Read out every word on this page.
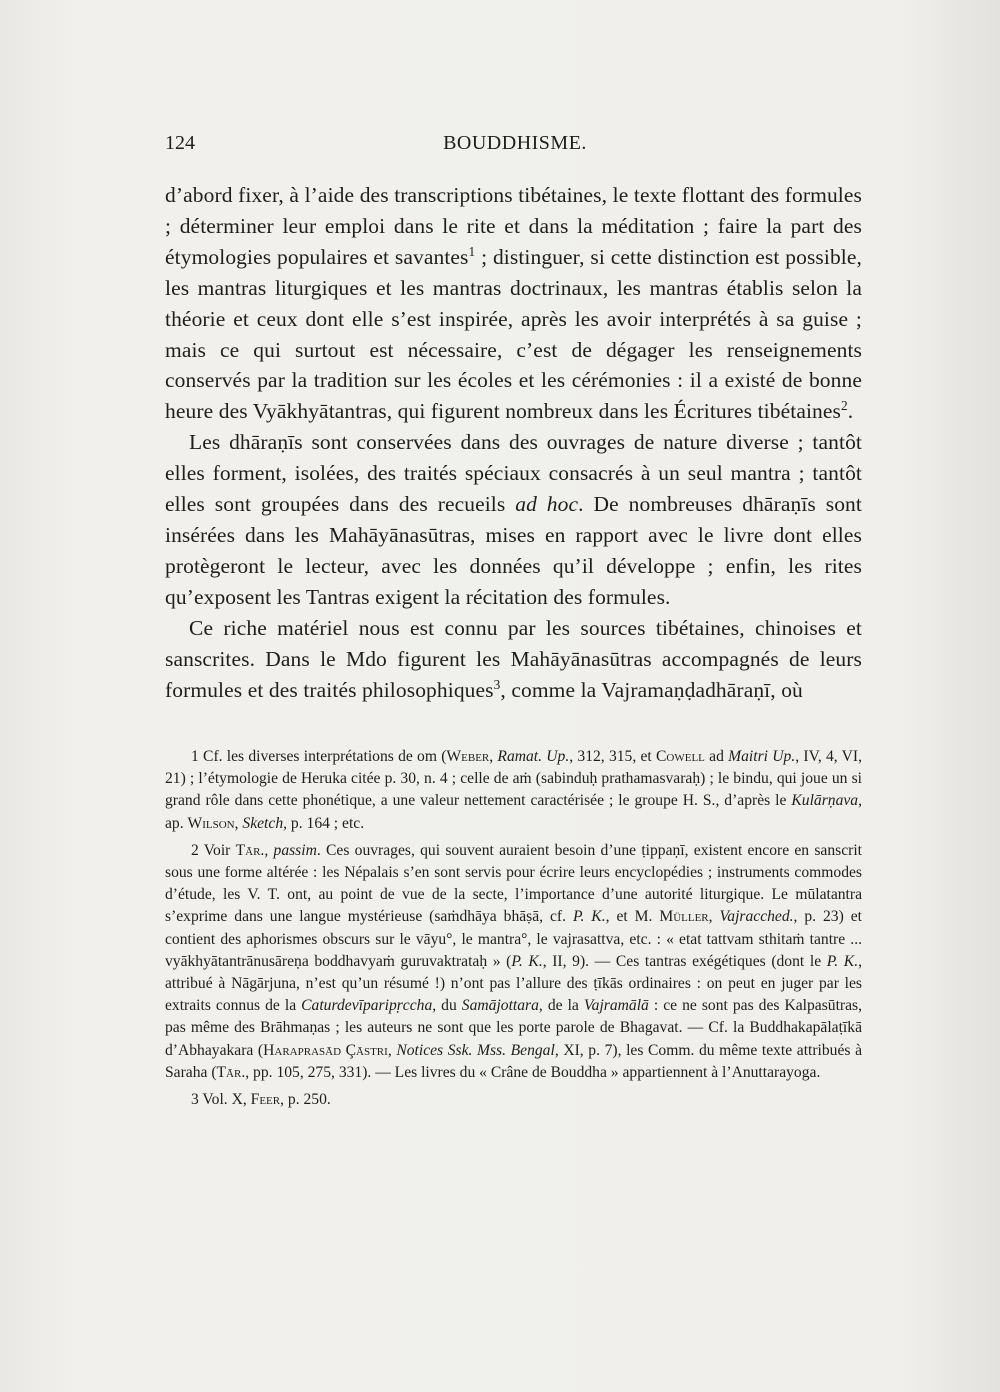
124	BOUDDHISME.

d’abord fixer, à l’aide des transcriptions tibétaines, le texte flottant des formules ; déterminer leur emploi dans le rite et dans la méditation ; faire la part des étymologies populaires et savantes$^1$ ; distinguer, si cette distinction est possible, les mantras liturgiques et les mantras doctrinaux, les mantras établis selon la théorie et ceux dont elle s’est inspirée, après les avoir interprétés à sa guise ; mais ce qui surtout est nécessaire, c’est de dégager les renseignements conservés par la tradition sur les écoles et les cérémonies : il a existé de bonne heure des Vyākhyātantras, qui figurent nombreux dans les Écritures tibétaines$^2$.

Les dhāraṇīs sont conservées dans des ouvrages de nature diverse ; tantôt elles forment, isolées, des traités spéciaux consacrés à un seul mantra ; tantôt elles sont groupées dans des recueils ad hoc. De nombreuses dhāraṇīs sont insérées dans les Mahāyānasūtras, mises en rapport avec le livre dont elles protègeront le lecteur, avec les données qu’il développe ; enfin, les rites qu’exposent les Tantras exigent la récitation des formules.

Ce riche matériel nous est connu par les sources tibétaines, chinoises et sanscrites. Dans le Mdo figurent les Mahāyānasūtras accompagnés de leurs formules et des traités philosophiques$^3$, comme la Vajramaṇḍadhāraṇī, où

1 Cf. les diverses interprétations de om (Weber, Ramat. Up., 312, 315, et Cowell ad Maitri Up., IV, 4, VI, 21) ; l’étymologie de Heruka citée p. 30, n. 4 ; celle de aṁ (sabinduḥ prathamasvaraḥ) ; le bindu, qui joue un si grand rôle dans cette phonétique, a une valeur nettement caractérisée ; le groupe H. S., d’après le Kulārṇava, ap. Wilson, Sketch, p. 164 ; etc.

2 Voir Tār., passim. Ces ouvrages, qui souvent auraient besoin d’une ṭippaṇī, existent encore en sanscrit sous une forme altérée : les Népalais s’en sont servis pour écrire leurs encyclopédies ; instruments commodes d’étude, les V. T. ont, au point de vue de la secte, l’importance d’une autorité liturgique. Le mūlatantra s’exprime dans une langue mystérieuse (saṁdhāya bhāṣā, cf. P. K., et M. Müller, Vajracched., p. 23) et contient des aphorismes obscurs sur le vāyu°, le mantra°, le vajrasattva, etc. : « etat tattvam sthitaṁ tantre ... vyākhyātantrānusāreṇa boddhavyaṁ guruvaktrataḥ » (P. K., II, 9). — Ces tantras exégétiques (dont le P. K., attribué à Nāgārjuna, n’est qu’un résumé !) n’ont pas l’allure des ṭīkās ordinaires : on peut en juger par les extraits connus de la Caturdevīparipṛccha, du Samājottara, de la Vajramālā : ce ne sont pas des Kalpasūtras, pas même des Brāhmaṇas ; les auteurs ne sont que les porte parole de Bhagavat. — Cf. la Buddhakapālaṭīkā d’Abhayakara (Haraprasād Çāstri, Notices Ssk. Mss. Bengal, XI, p. 7), les Comm. du même texte attribués à Saraha (Tār., pp. 105, 275, 331). — Les livres du « Crâne de Bouddha » appartiennent à l’Anuttarayoga.

3 Vol. X, Feer, p. 250.
